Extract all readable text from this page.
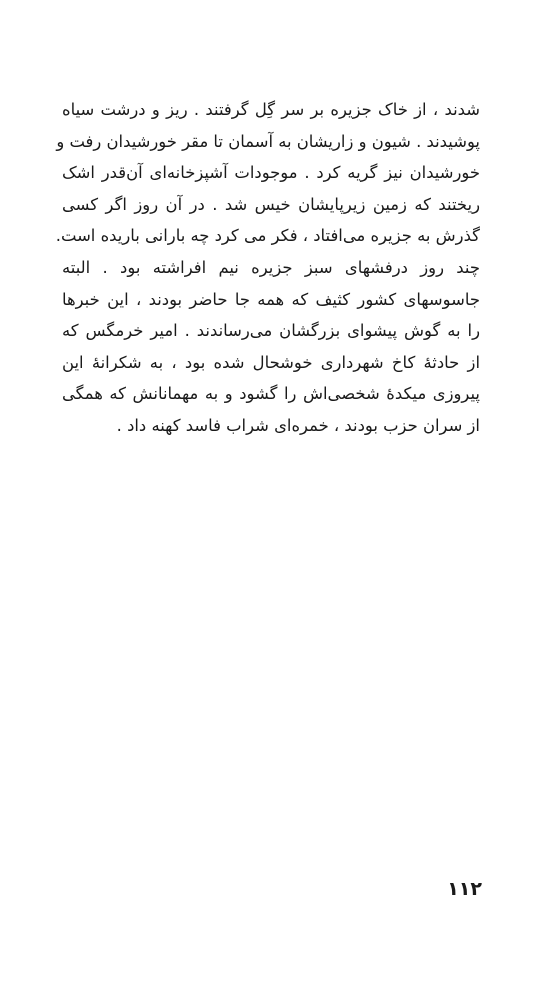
شدند ، از خاک جزیره بر سر گِل گرفتند . ریز و درشت سیاه
پوشیدند . شیون و زاریشان به آسمان تا مقر خورشیدان رفت و
خورشیدان نیز گریه کرد . موجودات آشپزخانه‌ای آن‌قدر اشک
ریختند که زمین زیرپایشان خیس شد . در آن روز اگر کسی
گذرش به جزیره می‌افتاد ، فکر می کرد چه بارانی باریده است.
چند روز درفشهای سبز جزیره نیم افراشته بود . البته
جاسوسهای کشور کثیف که همه جا حاضر بودند ، این خبرها
را به گوش پیشوای بزرگشان می‌رساندند . امیر خرمگس که
از حادثهٔ کاخ شهرداری خوشحال شده بود ، به شکرانهٔ این
پیروزی میکدهٔ شخصی‌اش را گشود و به مهمانانش که همگی
از سران حزب بودند ، خمره‌ای شراب فاسد کهنه داد .
۱۱۲
